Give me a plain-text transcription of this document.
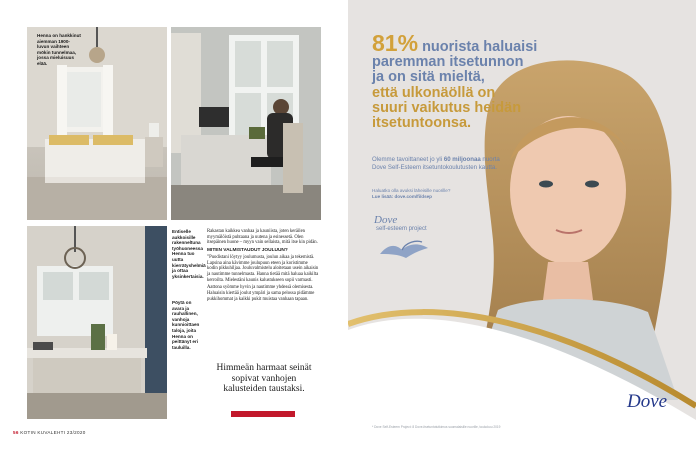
Henna on hankkinut aiemman 1900-luvun vaihteen mökin tunnelmaa, jossa mieluisuus elää.
Entiselle aukkoisille rakenneltuna työhuoneessa Henna tuo uutta kierrätyshelmiä ja ottaa yksinkertaisia.
Pöytä on avara ja rauhallinen, vanhoja kunnioittaen taloja, joita Henna on peittänyt eri tauluilla.

Rakastan kaikkea vanhaa ja kauniista, joten keräilen myymälöistä puhtaana ja uutena ja esinessetä. Olen itsepäinen huone – myyn vain sellaista, mitä itse kin pidän.

MITEN VALMISTAUDUT JOULUUN?

”Puodistani löytyy joulumusta, joulun aikaa ja tekemistä. Lapsina aina kävimme joulupuun eteen ja koristimme kodin pikkuhiljaa. Jouluvalmistelu aloitetaan usein aikaisin ja nautimme tunnelmasta. Hanna tietää mitä haluaa kaikilta kerroilta. Mielestäni kaunis kalustukseen sopii varmasti.

Aattona syömme hyvin ja nautimme yhdessä olemisesta. Haluaisin kiertää joulut ympäri ja sama pelossa pidämme pukkihommat ja kaikki pukit muistaa vanhaan tapaan.

Himmeän harmaat seinät sopivat vanhojen kalusteiden taustaksi.
56 KOTIN KUVALEHTI 23/2020
81% nuorista haluaisi
paremman itsetunnon
ja on sitä mieltä,
että ulkonäöllä on
suuri vaikutus heidän
itsetuntoonsa.
Olemme tavoittaneet jo yli 60 miljoonaa nuorta Dove Self-Esteem itsetuntokoulutusten kautta.
Haluatko olla avuksi läheisille nuorille?
Lue lisää: dove.com/fi/dsep
Dove
self-esteem project
* Dove Self-Esteem Project: 8 Dove-itsetuntotutkimus suomalaisille nuorille, toukokuu 2019
Dove
